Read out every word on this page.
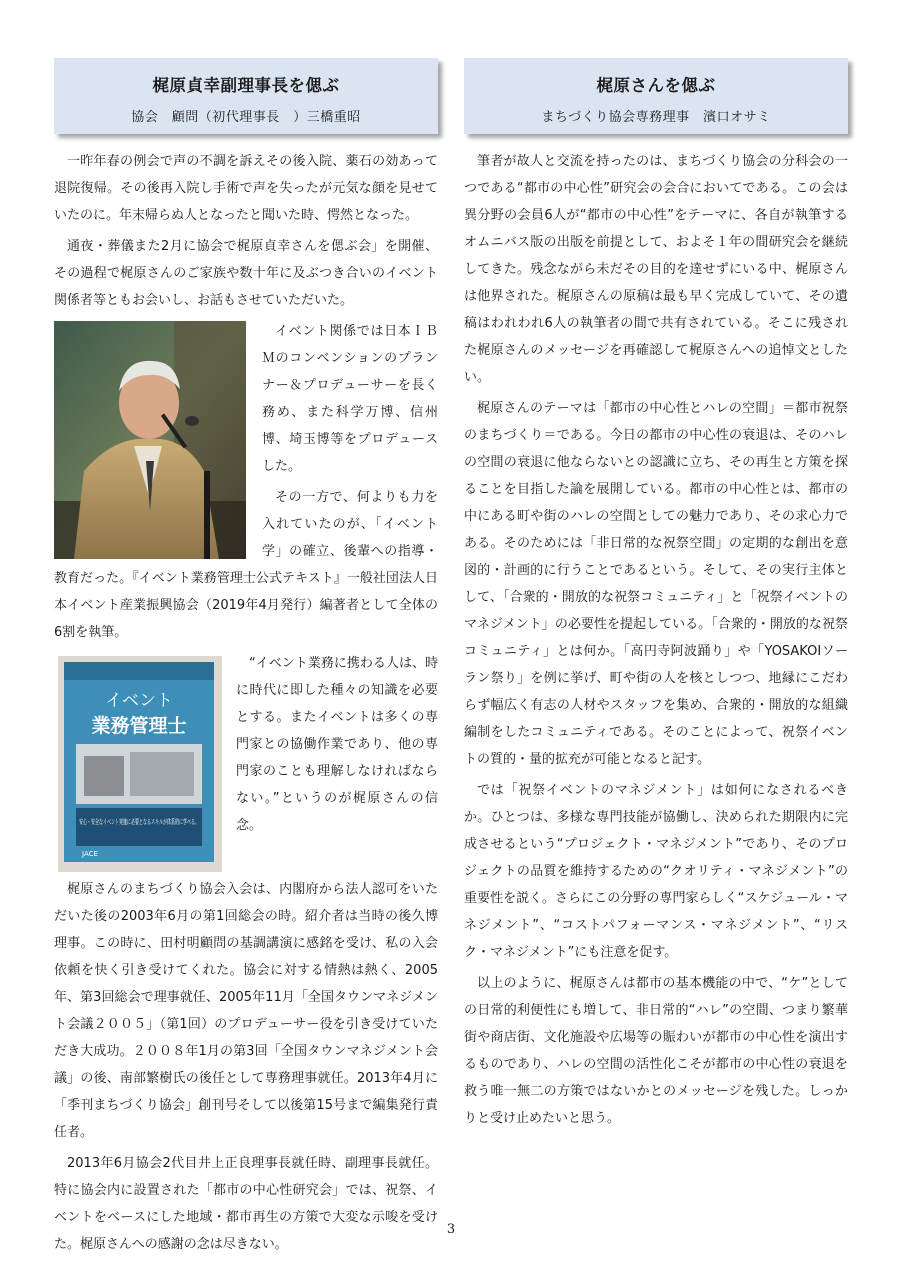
梶原貞幸副理事長を偲ぶ
協会　顧問（初代理事長　）三橋重昭

一昨年春の例会で声の不調を訴えその後入院、薬石の効あって退院復帰。その後再入院し手術で声を失ったが元気な顔を見せていたのに。年末帰らぬ人となったと聞いた時、愕然となった。

通夜・葬儀また2月に協会で梶原貞幸さんを偲ぶ会」を開催、その過程で梶原さんのご家族や数十年に及ぶつき合いのイベント関係者等ともお会いし、お話もさせていただいた。

イベント関係では日本ＩＢＭのコンベンションのプランナー＆プロデューサーを長く務め、また科学万博、信州博、埼玉博等をプロデュースした。

その一方で、何よりも力を入れていたのが、「イベント学」の確立、後輩への指導・教育だった。『イベント業務管理士公式テキスト』一般社団法人日本イベント産業振興協会（2019年4月発行）編著者として全体の6割を執筆。

イベント
業務管理士
安心・安全なイベント実施に必要となる
JACE

“イベント業務に携わる人は、時に時代に即した種々の知識を必要とする。またイベントは多くの専門家との協働作業であり、他の専門家のことも理解しなければならない。”というのが梶原さんの信念。

梶原さんのまちづくり協会入会は、内閣府から法人認可をいただいた後の2003年6月の第1回総会の時。紹介者は当時の後久博理事。この時に、田村明顧問の基調講演に感銘を受け、私の入会依頼を快く引き受けてくれた。協会に対する情熱は熱く、2005年、第3回総会で理事就任、2005年11月「全国タウンマネジメント会議２００５」（第1回）のプロデューサー役を引き受けていただき大成功。２００８年1月の第3回「全国タウンマネジメント会議」の後、南部繁樹氏の後任として専務理事就任。2013年4月に「季刊まちづくり協会」創刊号そして以後第15号まで編集発行責任者。

2013年6月協会2代目井上正良理事長就任時、副理事長就任。特に協会内に設置された「都市の中心性研究会」では、祝祭、イベントをベースにした地域・都市再生の方策で大変な示唆を受けた。梶原さんへの感謝の念は尽きない。

梶原さんを偲ぶ
まちづくり協会専務理事　濱口オサミ

筆者が故人と交流を持ったのは、まちづくり協会の分科会の一つである“都市の中心性”研究会の会合においてである。この会は異分野の会員6人が“都市の中心性”をテーマに、各自が執筆するオムニバス版の出版を前提として、およそ１年の間研究会を継続してきた。残念ながら未だその目的を達せずにいる中、梶原さんは他界された。梶原さんの原稿は最も早く完成していて、その遺稿はわれわれ6人の執筆者の間で共有されている。そこに残された梶原さんのメッセージを再確認して梶原さんへの追悼文としたい。

梶原さんのテーマは「都市の中心性とハレの空間」＝都市祝祭のまちづくり＝である。今日の都市の中心性の衰退は、そのハレの空間の衰退に他ならないとの認識に立ち、その再生と方策を探ることを目指した論を展開している。都市の中心性とは、都市の中にある町や街のハレの空間としての魅力であり、その求心力である。そのためには「非日常的な祝祭空間」の定期的な創出を意図的・計画的に行うことであるという。そして、その実行主体として、「合衆的・開放的な祝祭コミュニティ」と「祝祭イベントのマネジメント」の必要性を提起している。「合衆的・開放的な祝祭コミュニティ」とは何か。「高円寺阿波踊り」や「YOSAKOIソーラン祭り」を例に挙げ、町や街の人を核としつつ、地縁にこだわらず幅広く有志の人材やスタッフを集め、合衆的・開放的な組織編制をしたコミュニティである。そのことによって、祝祭イベントの質的・量的拡充が可能となると記す。

では「祝祭イベントのマネジメント」は如何になされるべきか。ひとつは、多様な専門技能が協働し、決められた期限内に完成させるという“プロジェクト・マネジメント”であり、そのプロジェクトの品質を維持するための“クオリティ・マネジメント”の重要性を説く。さらにこの分野の専門家らしく“スケジュール・マネジメント”、“コストパフォーマンス・マネジメント”、“リスク・マネジメント”にも注意を促す。

以上のように、梶原さんは都市の基本機能の中で、“ケ”としての日常的利便性にも増して、非日常的“ハレ”の空間、つまり繁華街や商店街、文化施設や広場等の賑わいが都市の中心性を演出するものであり、ハレの空間の活性化こそが都市の中心性の衰退を救う唯一無二の方策ではないかとのメッセージを残した。しっかりと受け止めたいと思う。

3
